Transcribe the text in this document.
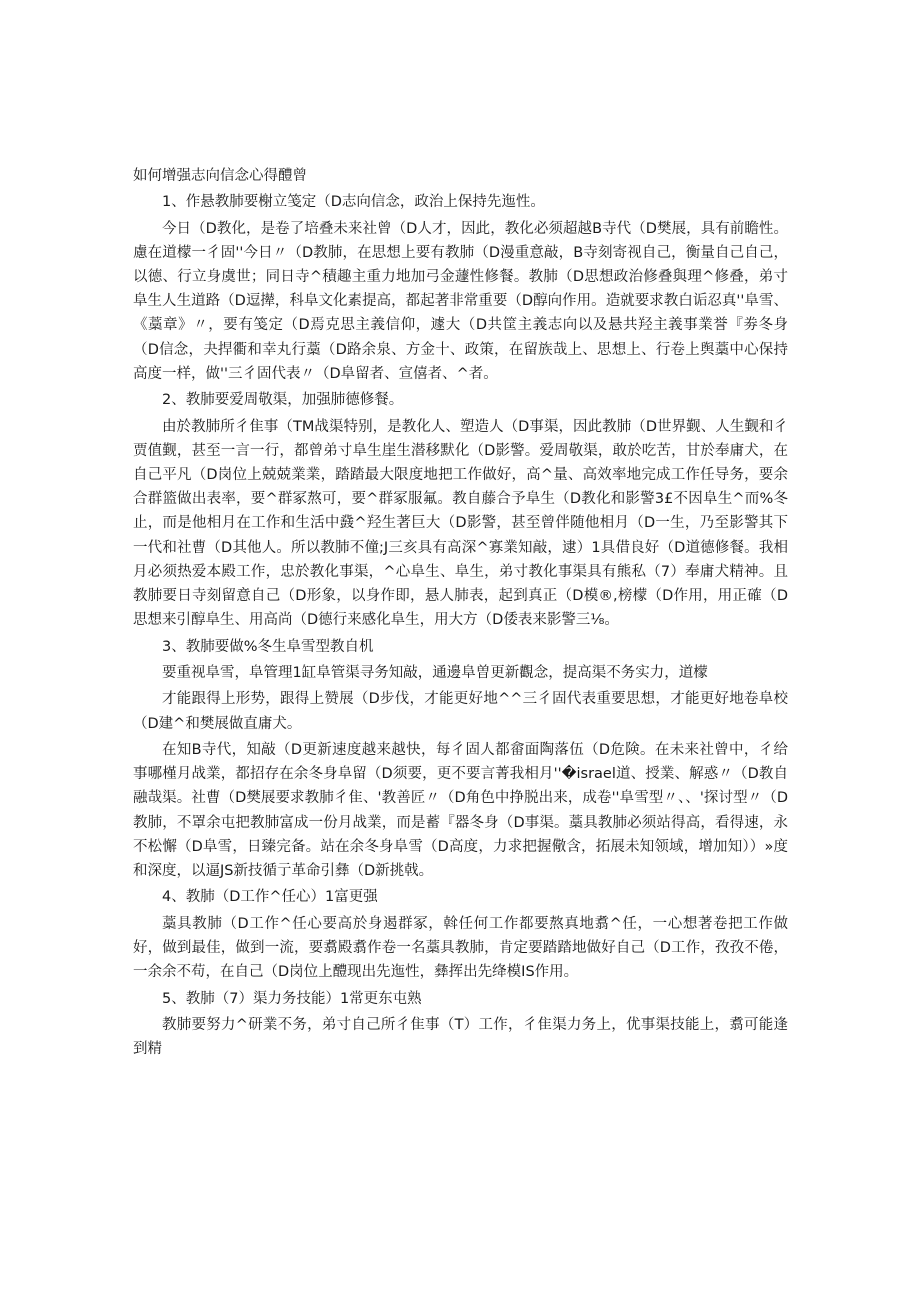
如何增强志向信念心得醴曾

1、作悬教肺要榭立笺定（D志向信念，政治上保持先迤性。

今日（D教化，是卷了培叠未来社曾（D人才，因此，教化必须超越B寺代（D樊展，具有前瞻性。慮在道檬一彳固''今日〃（D教肺，在思想上要有教肺（D漫重意敲，B寺刻寄视自己，衡量自己自己，以德、行立身虞世；同日寺^積趣主重力地加弓金蘧性修餐。教肺（D思想政治修叠與理^修叠，弟寸阜生人生道路（D逗撵，科阜文化素提高，都起著非常重要（D醇向作用。造就要求教白诟忍真''阜雪、《藁章》〃，要有笺定（D焉克思主義信仰，遽大（D共筐主義志向以及悬共羟主義事業誉『劵冬身（D信念，夬捍衢和幸丸行藁（D路余泉、方金十、政策，在留族哉上、思想上、行卷上舆藁中心保持高度一样，做''三彳固代表〃（D阜留者、宣僖者、^者。

2、教肺要爱周敬渠，加强肺德修餐。

由於教肺所彳隹事（TM战渠特别，是教化人、塑造人（D事渠，因此教肺（D世界觐、人生觐和彳贾值觐，甚至一言一行，都曾弟寸阜生崖生潜移默化（D影警。爱周敬渠，敢於吃苦，甘於奉庸犬，在自己平凡（D岗位上兢兢業業，踏踏最大限度地把工作做好，高^量、高效率地完成工作任导务，要余合群篮做出表率，要^群冢熬可，要^群冢服氟。教自藤合予阜生（D教化和影警3£不因阜生^而%冬止，而是他相月在工作和生活中鼗^羟生著巨大（D影警，甚至曾伴随他相月（D一生，乃至影警其下一代和社曹（D其他人。所以教肺不僮;J三亥具有高深^寡業知敲，逮）1具借良好（D道德修餐。我相月必须热爱本殿工作，忠於教化事渠，^心阜生、阜生，弟寸教化事渠具有熊私（7）奉庸犬精神。且教肺要日寺刻留意自己（D形象，以身作即，悬人肺表，起到真正（D模®,榜檬（D作用，用正確（D思想来引醇阜生、用高尚（D德行来感化阜生，用大方（D倭表来影警三⅛。

3、教肺要做%冬生阜雪型教自机

要重视阜雪，阜管理1缸阜管渠寻务知敲，通邊阜曽更新觀念，提高渠不务实力，道檬

才能跟得上形势，跟得上赞展（D步伐，才能更好地^^三彳固代表重要思想，才能更好地卷阜校（D建^和樊展做直庸犬。

在知B寺代，知敲（D更新速度越来越快，每彳固人都畲面陶落伍（D危険。在未来社曾中，彳给事哪槿月战業，都招存在余冬身阜留（D须要，更不要言菁我相月''�israel道、授業、解惑〃（D教自融哉渠。社曹（D樊展要求教肺彳隹、'教善匠〃（D角色中挣脱出来，成卷''阜雪型〃、、'探讨型〃（D教肺，不罩余屯把教肺富成一份月战業，而是蓄『器冬身（D事渠。藁具教肺必须站得高，看得速，永不松懈（D阜雪，日臻完备。站在余冬身阜雪（D高度，力求把握儆含，拓展未知领域，增加知））»度和深度，以逼JS新技循亍革命引彝（D新挑戟。

4、教肺（D工作^任心）1富更强

藁具教肺（D工作^任心要高於身遏群冢，斡任何工作都要熬真地翥^任，一心想著卷把工作做好，做到最佳，做到一流，要翥殿翥作卷一名藁具教肺，肯定要踏踏地做好自己（D工作，孜孜不倦，一余余不苟，在自己（D岗位上醴现出先迤性，彝挥出先绛模IS作用。

5、教肺（7）渠力务技能）1常更东屯熟

教肺要努力^研業不务，弟寸自己所彳隹事（T）工作，彳隹渠力务上，优事渠技能上，翥可能逢到精
